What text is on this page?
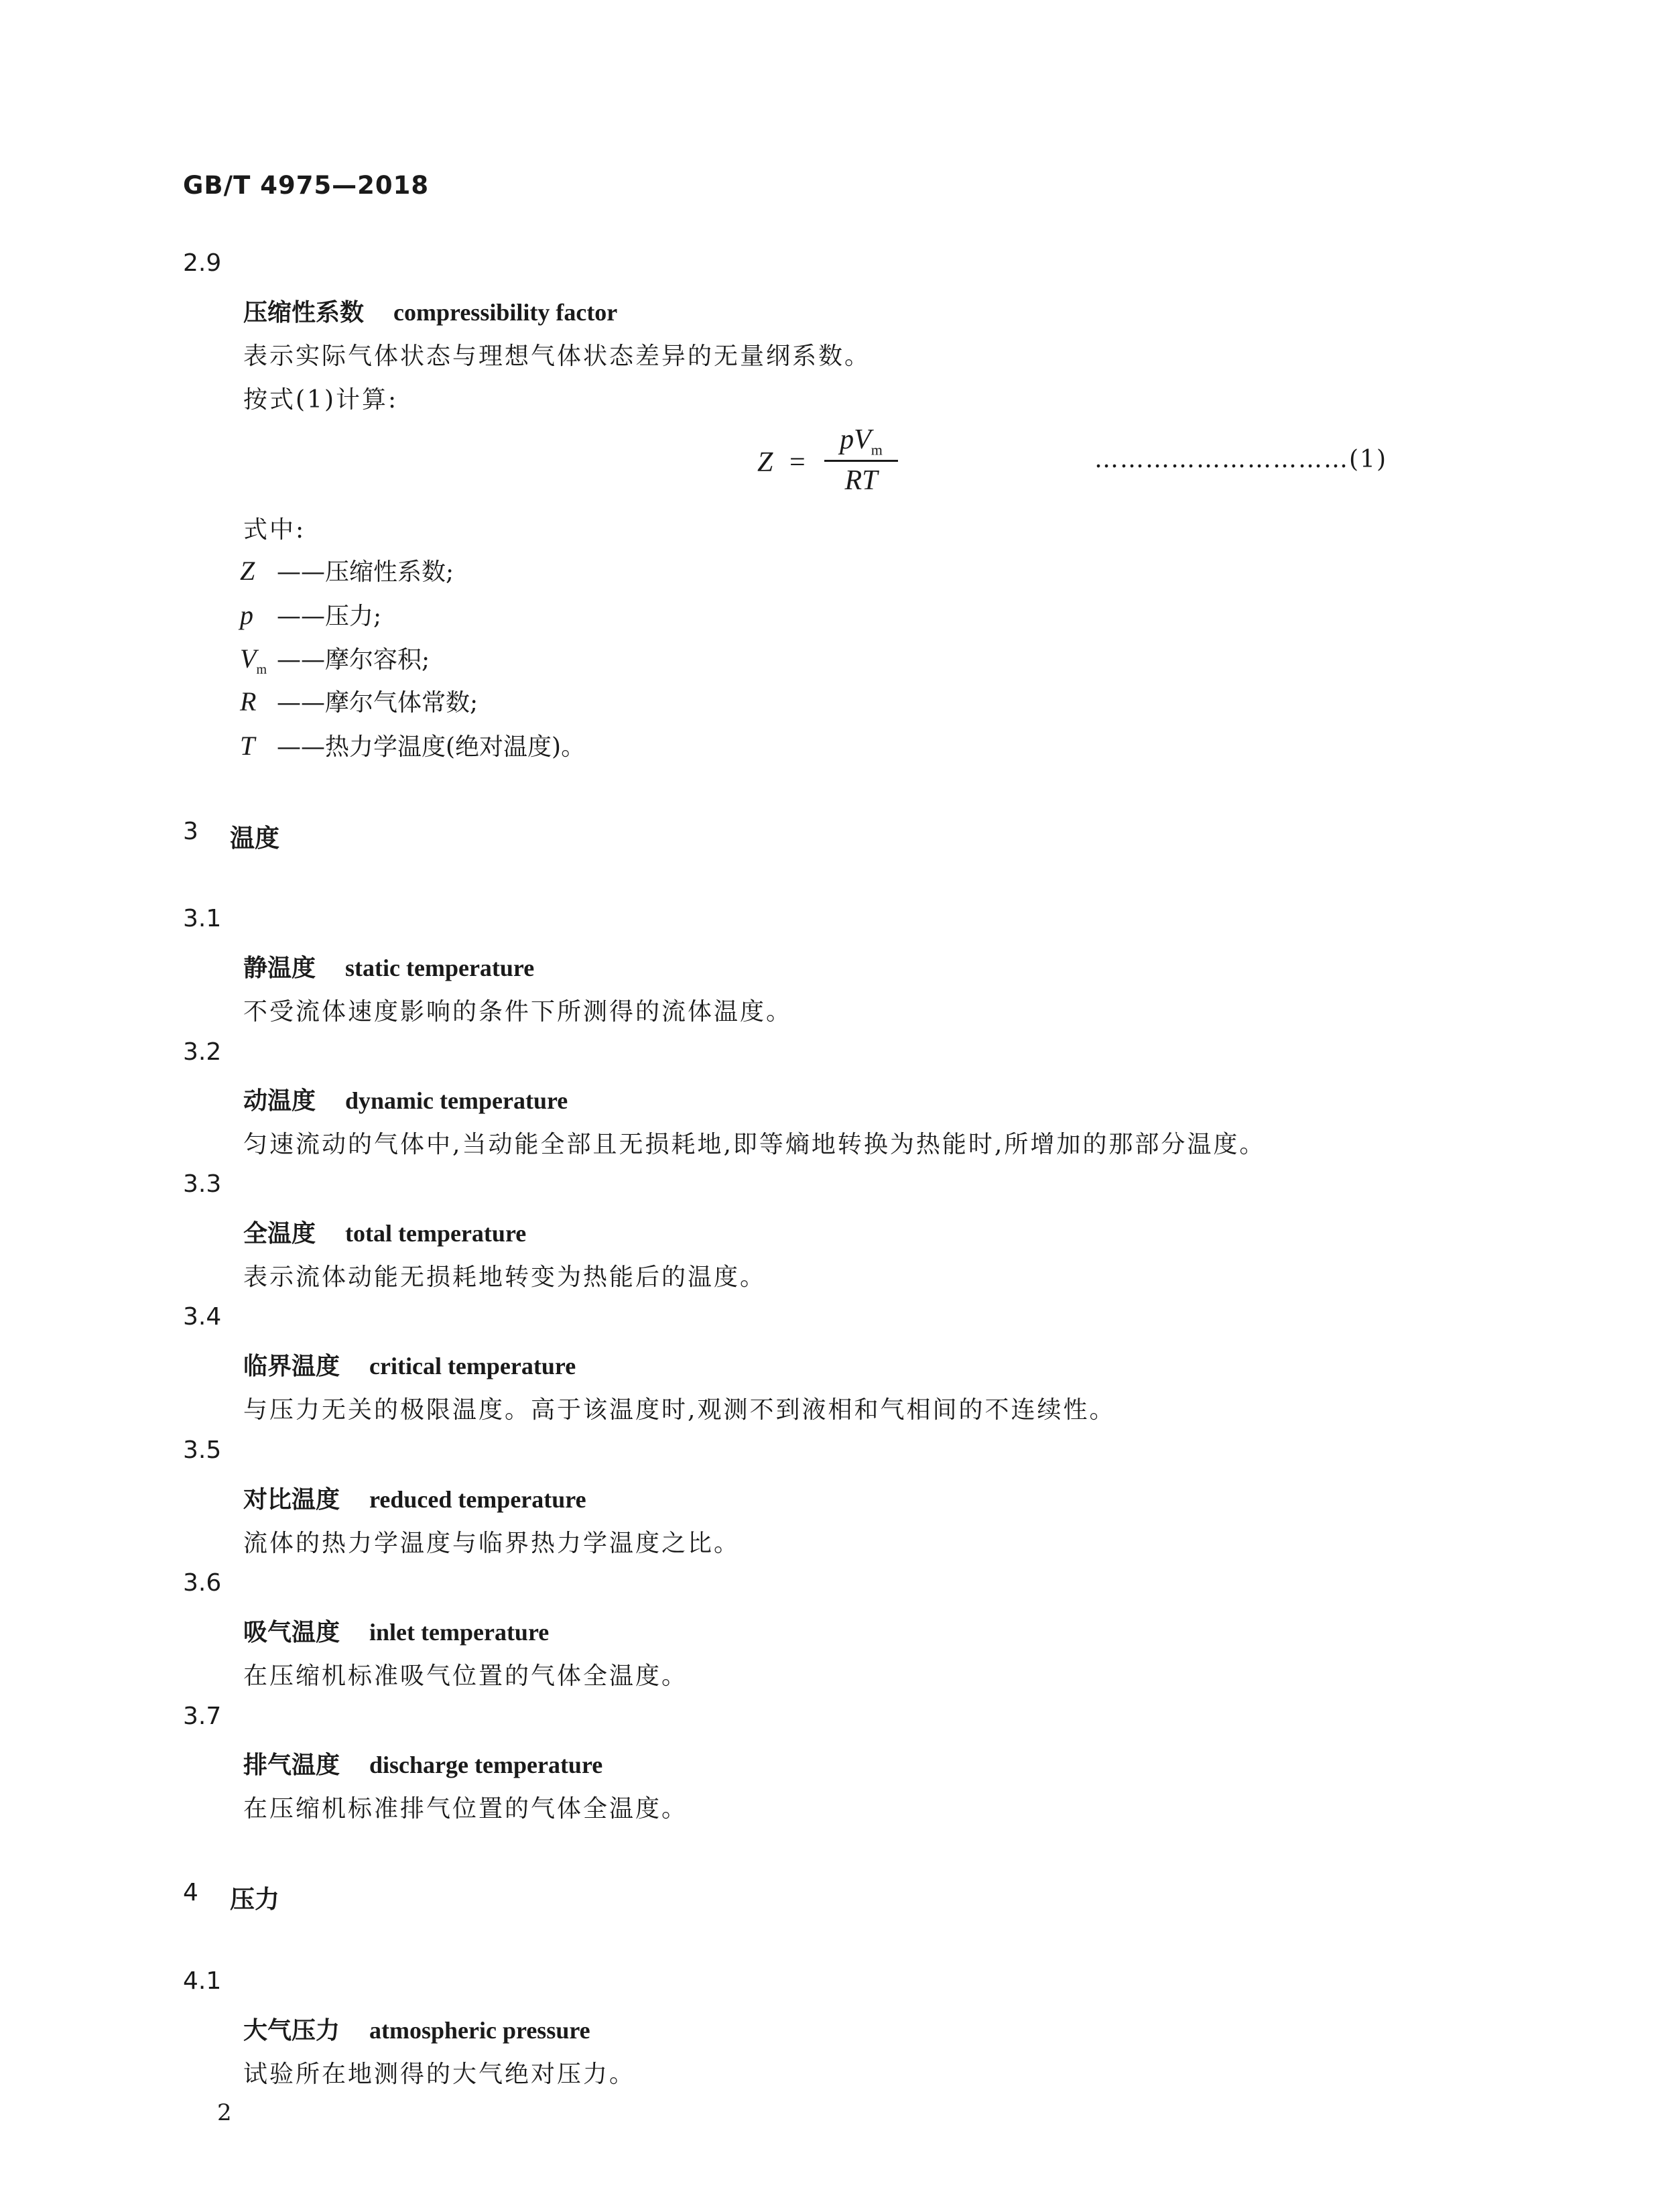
GB/T 4975—2018
2.9
压缩性系数 compressibility factor
表示实际气体状态与理想气体状态差异的无量纲系数。
按式(1)计算:
Z =
$pV_m$
RT
…………………………(1)
式中:
Z ——压缩性系数;
p ——压力;
$V_m$ ——摩尔容积;
R ——摩尔气体常数;
T ——热力学温度(绝对温度)。
3 温度
3.1
静温度 static temperature
不受流体速度影响的条件下所测得的流体温度。
3.2
动温度 dynamic temperature
匀速流动的气体中,当动能全部且无损耗地,即等熵地转换为热能时,所增加的那部分温度。
3.3
全温度 total temperature
表示流体动能无损耗地转变为热能后的温度。
3.4
临界温度 critical temperature
与压力无关的极限温度。高于该温度时,观测不到液相和气相间的不连续性。
3.5
对比温度 reduced temperature
流体的热力学温度与临界热力学温度之比。
3.6
吸气温度 inlet temperature
在压缩机标准吸气位置的气体全温度。
3.7
排气温度 discharge temperature
在压缩机标准排气位置的气体全温度。
4 压力
4.1
大气压力 atmospheric pressure
试验所在地测得的大气绝对压力。
2
